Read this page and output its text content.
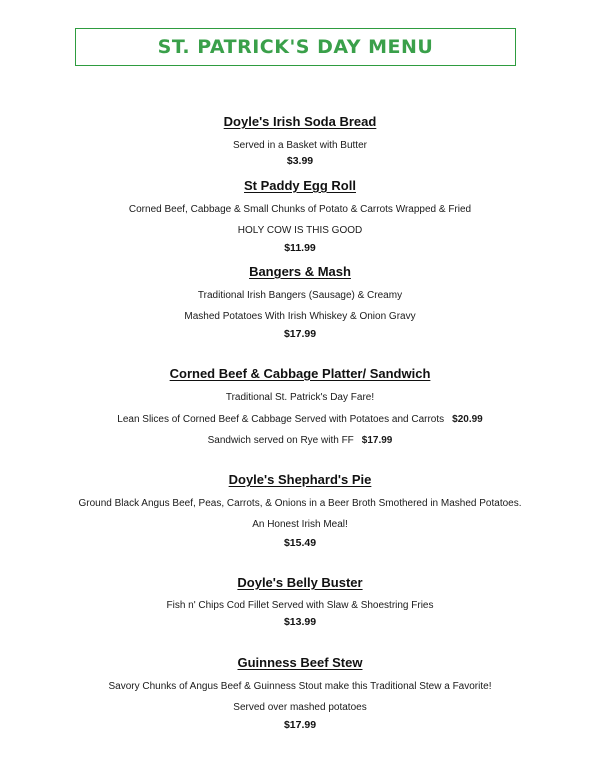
ST. PATRICK'S DAY MENU
Doyle's Irish Soda Bread
Served in a Basket with Butter
$3.99
St Paddy Egg Roll
Corned Beef, Cabbage & Small Chunks of Potato & Carrots Wrapped & Fried
HOLY COW IS THIS GOOD
$11.99
Bangers & Mash
Traditional Irish Bangers (Sausage) & Creamy
Mashed Potatoes With Irish Whiskey & Onion Gravy
$17.99
Corned Beef & Cabbage Platter/ Sandwich
Traditional St. Patrick's Day Fare!
Lean Slices of Corned Beef & Cabbage Served with Potatoes and Carrots $20.99
Sandwich served on Rye with FF $17.99
Doyle's Shephard's Pie
Ground Black Angus Beef, Peas, Carrots, & Onions in a Beer Broth Smothered in Mashed Potatoes.
An Honest Irish Meal!
$15.49
Doyle's Belly Buster
Fish n' Chips Cod Fillet Served with Slaw & Shoestring Fries
$13.99
Guinness Beef Stew
Savory Chunks of Angus Beef & Guinness Stout make this Traditional Stew a Favorite!
Served over mashed potatoes
$17.99
